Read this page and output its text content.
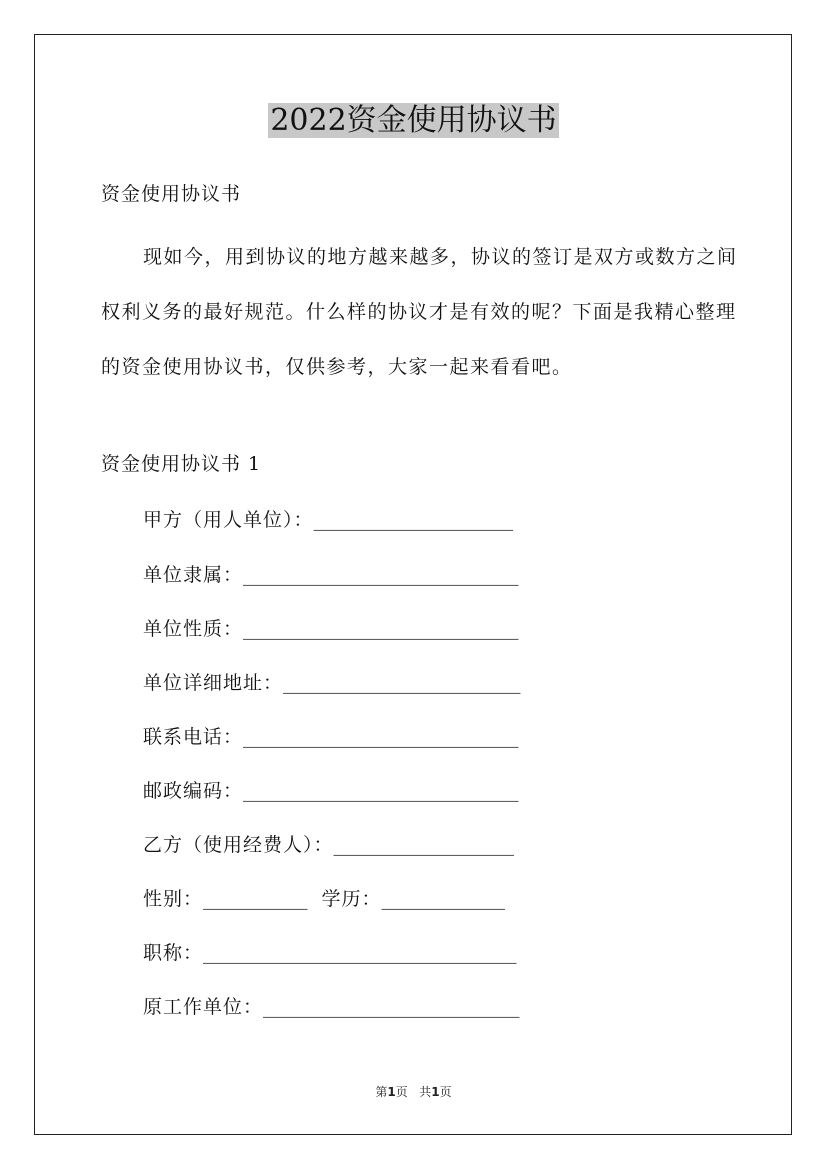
2022资金使用协议书
资金使用协议书

现如今，用到协议的地方越来越多，协议的签订是双方或数方之间权利义务的最好规范。什么样的协议才是有效的呢？下面是我精心整理的资金使用协议书，仅供参考，大家一起来看看吧。

资金使用协议书 1
甲方（用人单位）：_____________________
单位隶属：_____________________________
单位性质：_____________________________
单位详细地址：_________________________
联系电话：_____________________________
邮政编码：_____________________________
乙方（使用经费人）：___________________
性别：___________ 学历：_____________
职称：_________________________________
原工作单位：___________________________
第1页 共1页
